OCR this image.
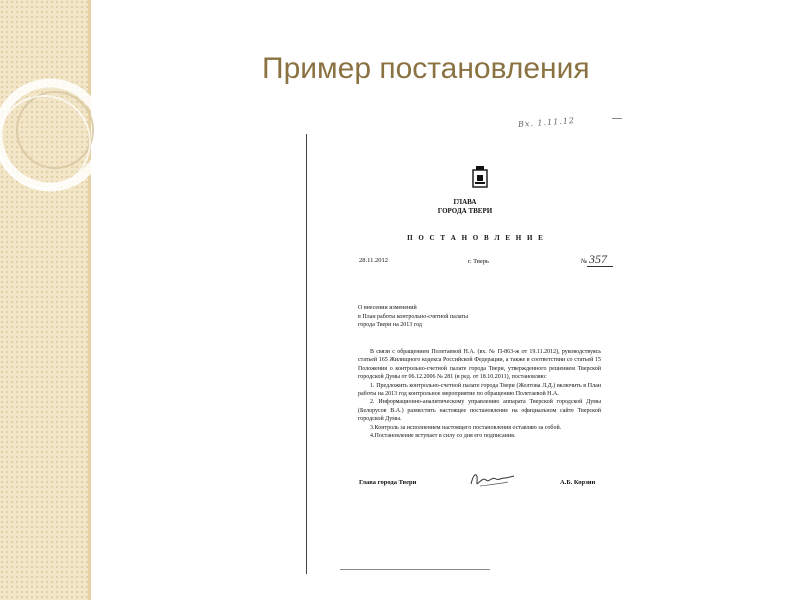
Пример постановления
Вх. 1.11.12
ГЛАВА
ГОРОДА ТВЕРИ
П О С Т А Н О В Л Е Н И Е
28.11.2012	г. Тверь	№ 357
О внесении изменений
в План работы контрольно-счетной палаты
города Твери на 2013 год

В связи с обращением Полетаевой Н.А. (вх. № П-863-ж от 19.11.2012), руководствуясь статьей 165 Жилищного кодекса Российской Федерации, а также в соответствии со статьей 15 Положения о контрольно-счетной палате города Твери, утвержденного решением Тверской городской Думы от 06.12.2006 № 281 (в ред. от 18.10.2011), постановляю:

1. Предложить контрольно-счетной палате города Твери (Жолтова Л.Д.) включить в План работы на 2013 год контрольное мероприятие по обращению Полетаевой Н.А.

2. Информационно-аналитическому управлению аппарата Тверской городской Думы (Белорусов В.А.) разместить настоящее постановление на официальном сайте Тверской городской Думы.

3.Контроль за исполнением настоящего постановления оставляю за собой.

4.Постановление вступает в силу со дня его подписания.

Глава города Твери	А.Б. Корзин
